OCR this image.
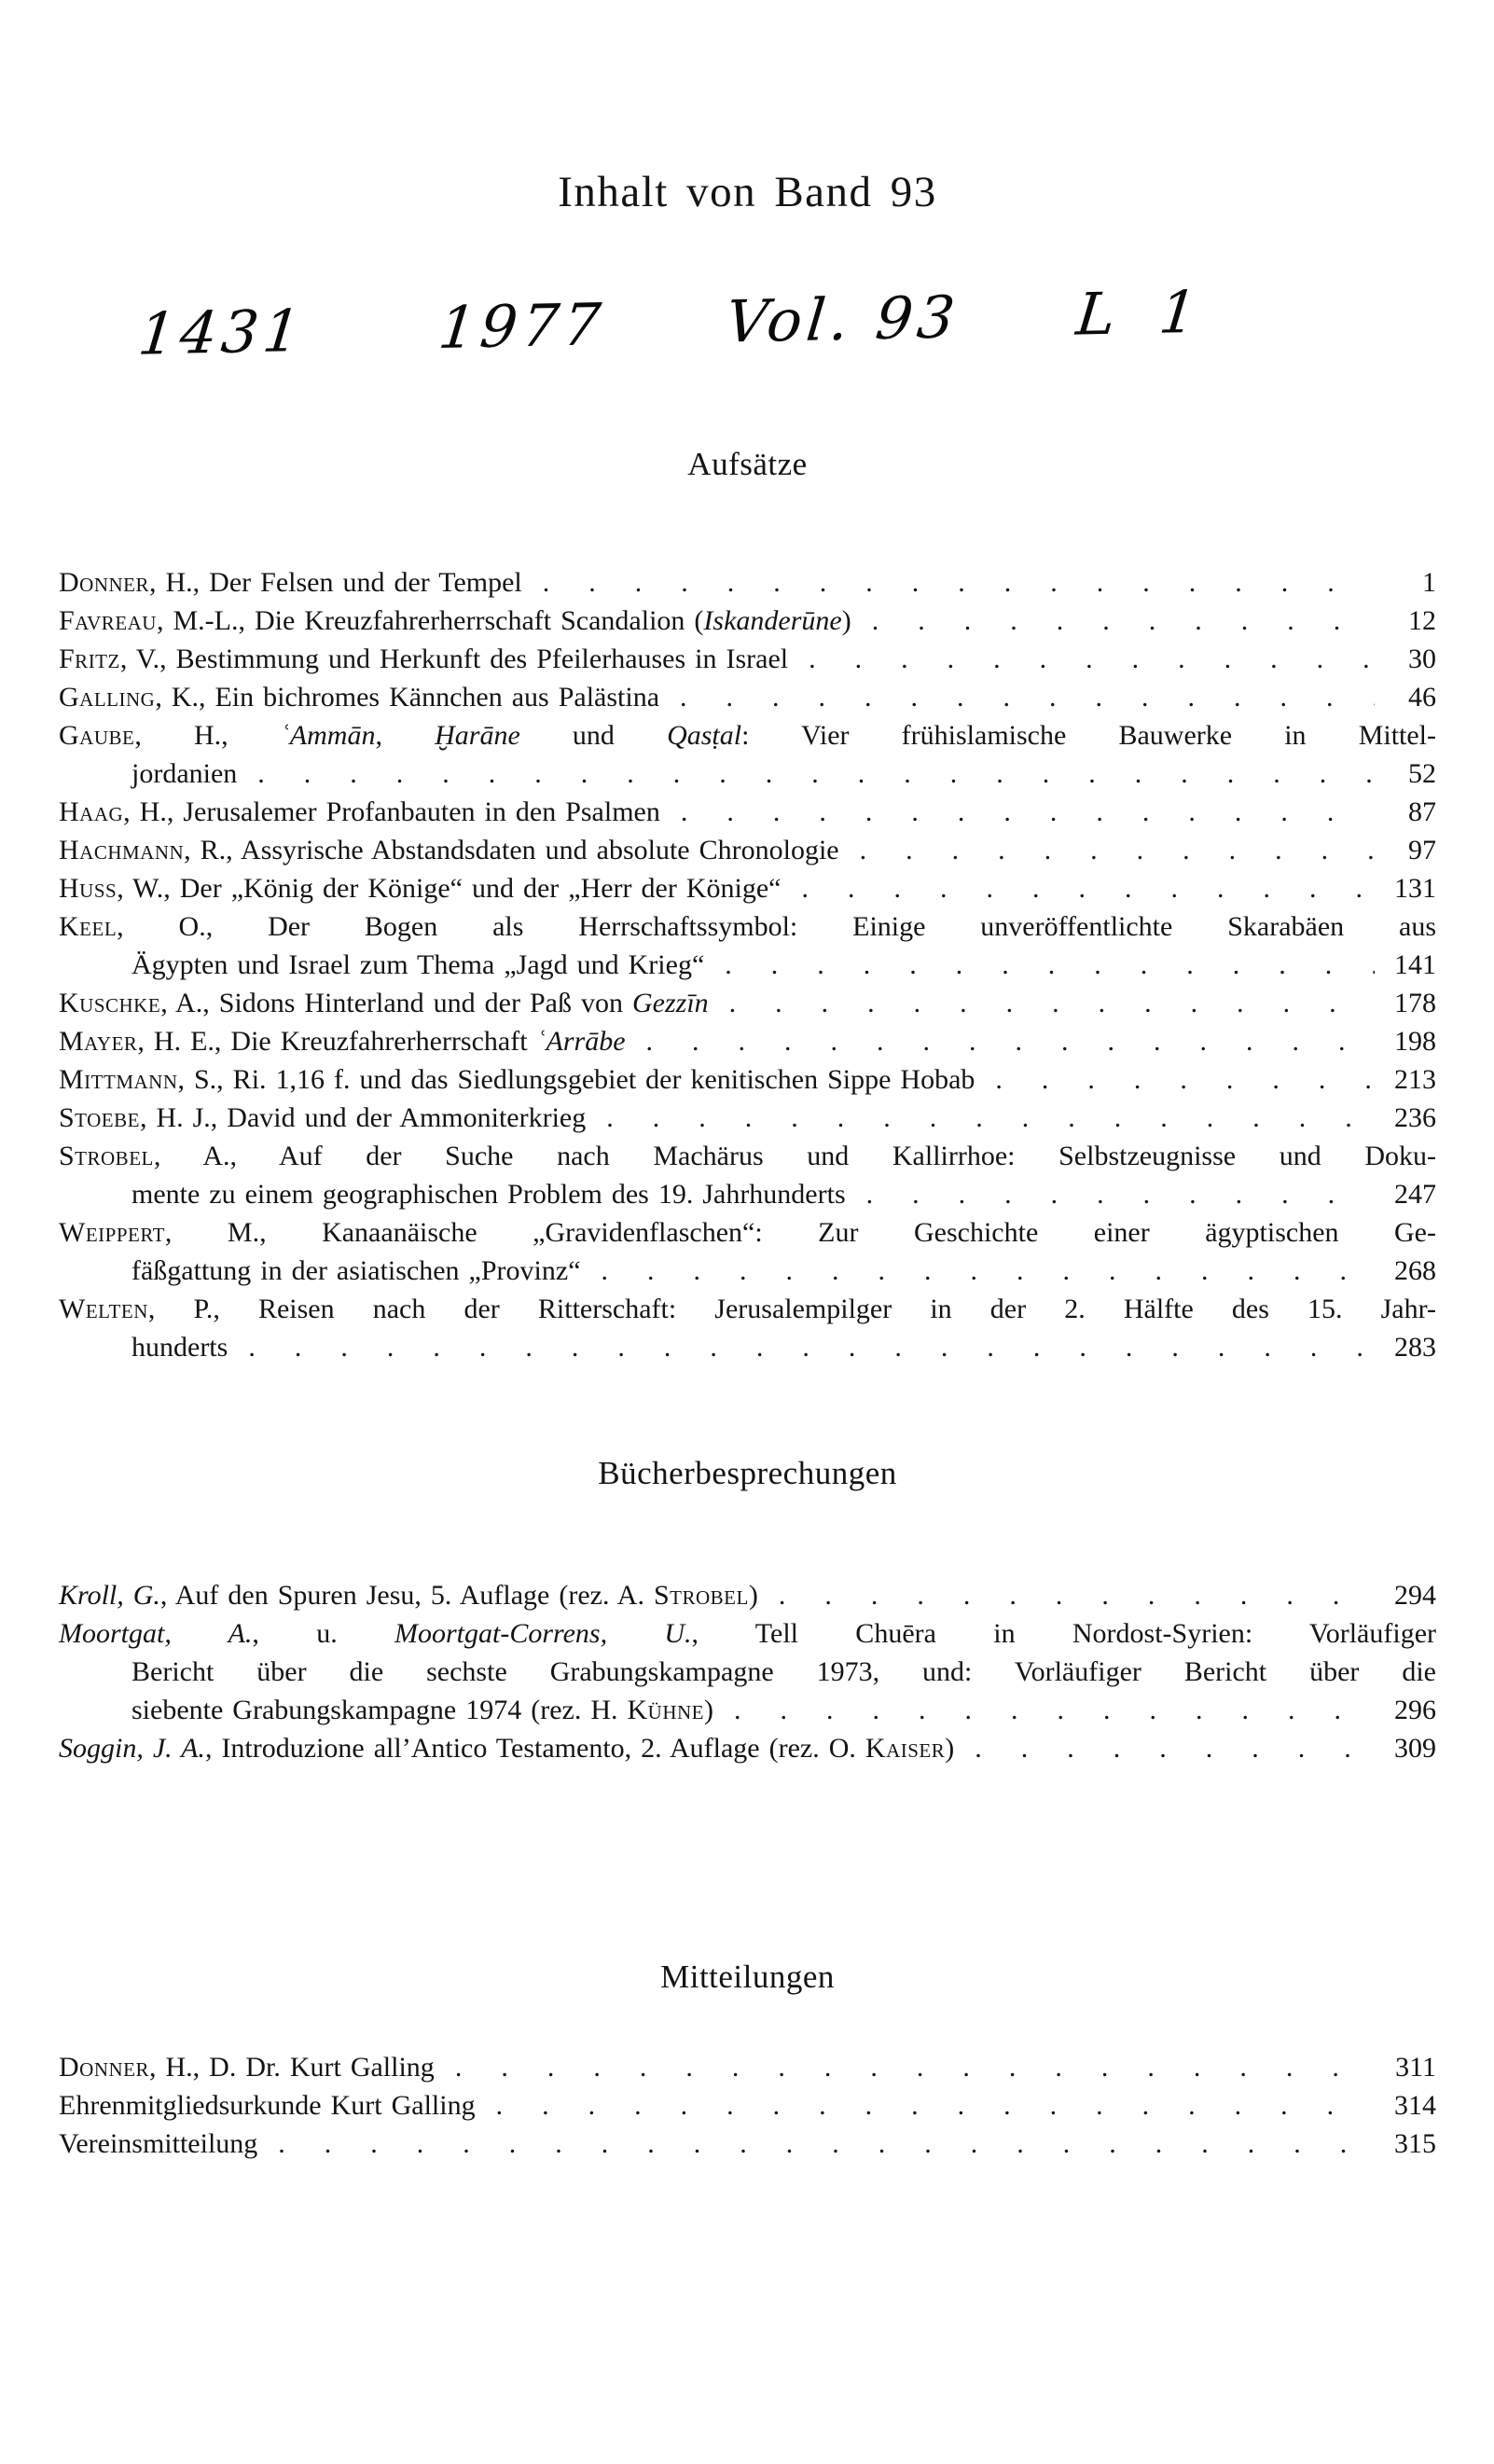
Inhalt von Band 93
1431 1977 Vol. 93 L 1
Aufsätze
Donner, H., Der Felsen und der Tempel .....	1
Favreau, M.-L., Die Kreuzfahrerherrschaft Scandalion (Iskanderūne) .....	12
Fritz, V., Bestimmung und Herkunft des Pfeilerhauses in Israel .....	30
Galling, K., Ein bichromes Kännchen aus Palästina .....	46
Gaube, H., ʿAmmān, Ḫarāne und Qasṭal: Vier frühislamische Bauwerke in Mittel-
jordanien .....	52
Haag, H., Jerusalemer Profanbauten in den Psalmen .....	87
Hachmann, R., Assyrische Abstandsdaten und absolute Chronologie .....	97
Huss, W., Der „König der Könige“ und der „Herr der Könige“ .....	131
Keel, O., Der Bogen als Herrschaftssymbol: Einige unveröffentlichte Skarabäen aus
Ägypten und Israel zum Thema „Jagd und Krieg“ .....	141
Kuschke, A., Sidons Hinterland und der Paß von Gezzīn .....	178
Mayer, H. E., Die Kreuzfahrerherrschaft ʿArrābe .....	198
Mittmann, S., Ri. 1,16 f. und das Siedlungsgebiet der kenitischen Sippe Hobab .....	213
Stoebe, H. J., David und der Ammoniterkrieg .....	236
Strobel, A., Auf der Suche nach Machärus und Kallirrhoe: Selbstzeugnisse und Doku-
mente zu einem geographischen Problem des 19. Jahrhunderts .....	247
Weippert, M., Kanaanäische „Gravidenflaschen“: Zur Geschichte einer ägyptischen Ge-
fäßgattung in der asiatischen „Provinz“ .....	268
Welten, P., Reisen nach der Ritterschaft: Jerusalempilger in der 2. Hälfte des 15. Jahr-
hunderts .....	283
Bücherbesprechungen
Kroll, G., Auf den Spuren Jesu, 5. Auflage (rez. A. Strobel) .....	294
Moortgat, A., u. Moortgat-Correns, U., Tell Chuēra in Nordost-Syrien: Vorläufiger
Bericht über die sechste Grabungskampagne 1973, und: Vorläufiger Bericht über die
siebente Grabungskampagne 1974 (rez. H. Kühne) .....	296
Soggin, J. A., Introduzione all’Antico Testamento, 2. Auflage (rez. O. Kaiser) .....	309
Mitteilungen
Donner, H., D. Dr. Kurt Galling .....	311
Ehrenmitgliedsurkunde Kurt Galling .....	314
Vereinsmitteilung .....	315
